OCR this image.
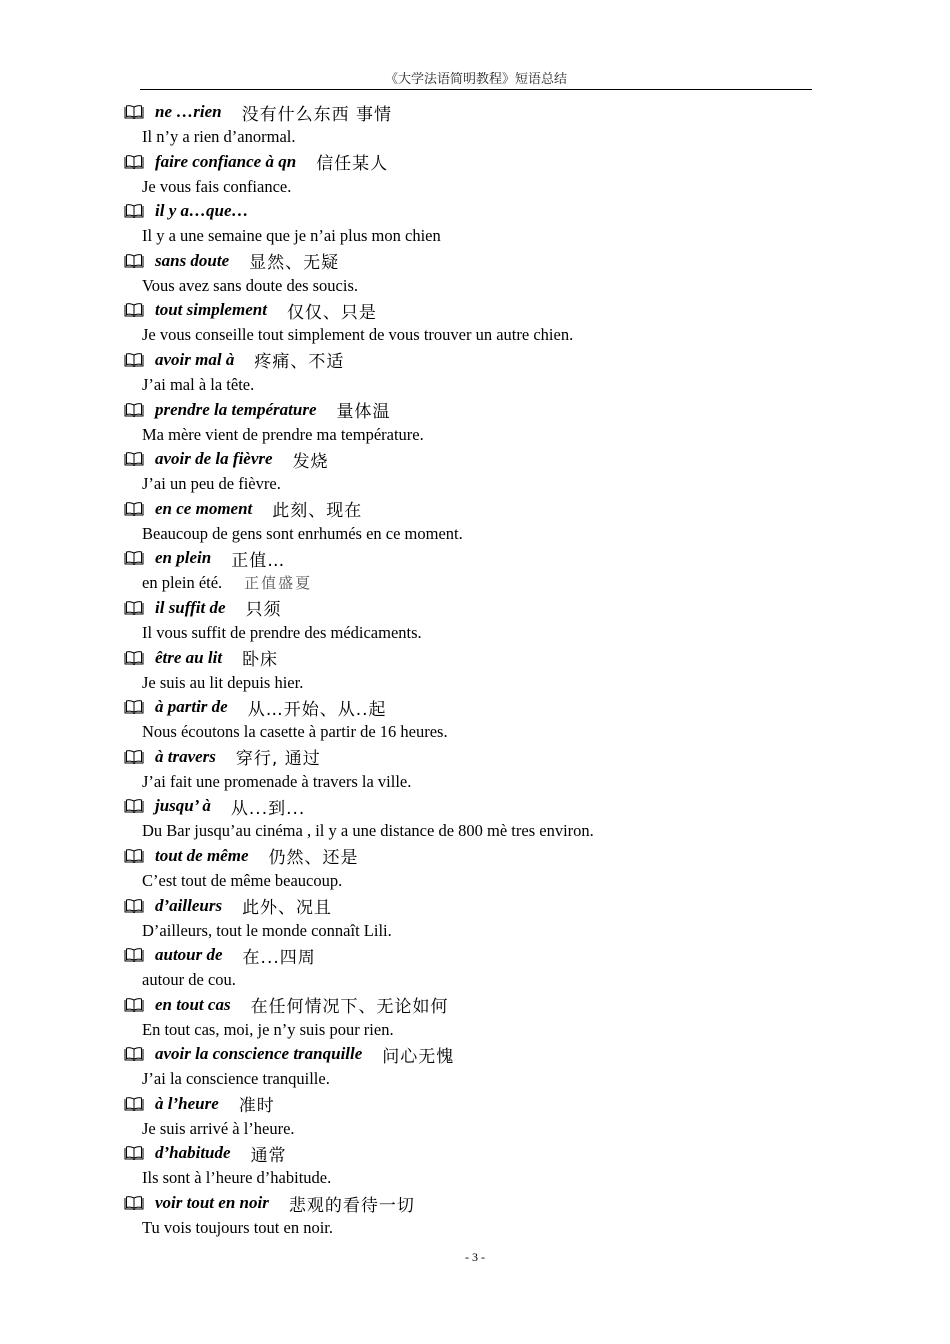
《大学法语简明教程》短语总结
ne …rien 没有什么东西 事情
Il n’y a rien d’anormal.
faire confiance à qn 信任某人
Je vous fais confiance.
il y a…que…
Il y a une semaine que je n’ai plus mon chien
sans doute 显然、无疑
Vous avez sans doute des soucis.
tout simplement 仅仅、只是
Je vous conseille tout simplement de vous trouver un autre chien.
avoir mal à 疼痛、不适
J’ai mal à la tête.
prendre la température 量体温
Ma mère vient de prendre ma température.
avoir de la fièvre 发烧
J’ai un peu de fièvre.
en ce moment 此刻、现在
Beaucoup de gens sont enrhumés en ce moment.
en plein 正值…
en plein été. 正值盛夏
il suffit de 只须
Il vous suffit de prendre des médicaments.
être au lit 卧床
Je suis au lit depuis hier.
à partir de 从…开始、从..起
Nous écoutons la casette à partir de 16 heures.
à travers 穿行, 通过
J’ai fait une promenade à travers la ville.
jusqu’ à 从...到...
Du Bar jusqu’au cinéma , il y a une distance de 800 mè tres environ.
tout de même 仍然、还是
C’est tout de même beaucoup.
d’ailleurs 此外、况且
D’ailleurs, tout le monde connaît Lili.
autour de 在...四周
autour de cou.
en tout cas 在任何情况下、无论如何
En tout cas, moi, je n’y suis pour rien.
avoir la conscience tranquille 问心无愧
J’ai la conscience tranquille.
à l’heure 准时
Je suis arrivé à l’heure.
d’habitude 通常
Ils sont à l’heure d’habitude.
voir tout en noir 悲观的看待一切
Tu vois toujours tout en noir.
- 3 -
